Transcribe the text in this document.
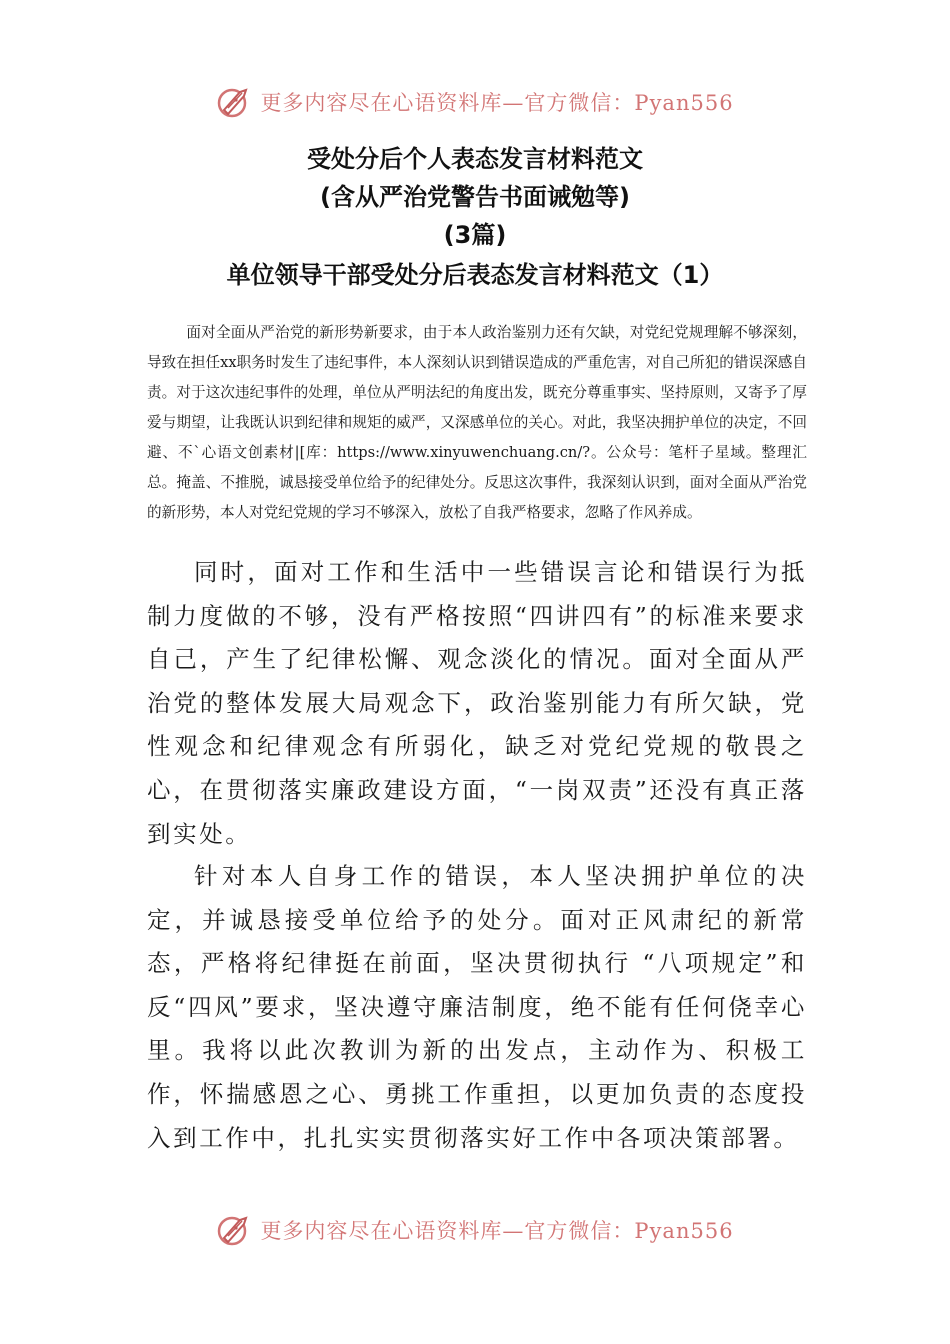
更多内容尽在心语资料库—官方微信：Pyan556

受处分后个人表态发言材料范文

(含从严治党警告书面诫勉等)

(3篇)

单位领导干部受处分后表态发言材料范文（1）

面对全面从严治党的新形势新要求，由于本人政治鉴别力还有欠缺，对党纪党规理解不够深刻，导致在担任xx职务时发生了违纪事件，本人深刻认识到错误造成的严重危害，对自己所犯的错误深感自责。对于这次违纪事件的处理，单位从严明法纪的角度出发，既充分尊重事实、坚持原则，又寄予了厚爱与期望，让我既认识到纪律和规矩的威严，又深感单位的关心。对此，我坚决拥护单位的决定，不回避、不`心语文创素材|[库：https://www.xinyuwenchuang.cn/?。公众号：笔杆子星域。整理汇总。掩盖、不推脱，诚恳接受单位给予的纪律处分。反思这次事件，我深刻认识到，面对全面从严治党的新形势，本人对党纪党规的学习不够深入，放松了自我严格要求，忽略了作风养成。

同时，面对工作和生活中一些错误言论和错误行为抵制力度做的不够，没有严格按照“四讲四有”的标准来要求自己，产生了纪律松懈、观念淡化的情况。面对全面从严治党的整体发展大局观念下，政治鉴别能力有所欠缺，党性观念和纪律观念有所弱化，缺乏对党纪党规的敬畏之心，在贯彻落实廉政建设方面，“一岗双责”还没有真正落到实处。

针对本人自身工作的错误，本人坚决拥护单位的决定，并诚恳接受单位给予的处分。面对正风肃纪的新常态，严格将纪律挺在前面，坚决贯彻执行 “八项规定”和反“四风”要求，坚决遵守廉洁制度，绝不能有任何侥幸心里。我将以此次教训为新的出发点，主动作为、积极工作，怀揣感恩之心、勇挑工作重担，以更加负责的态度投入到工作中，扎扎实实贯彻落实好工作中各项决策部署。

更多内容尽在心语资料库—官方微信：Pyan556
